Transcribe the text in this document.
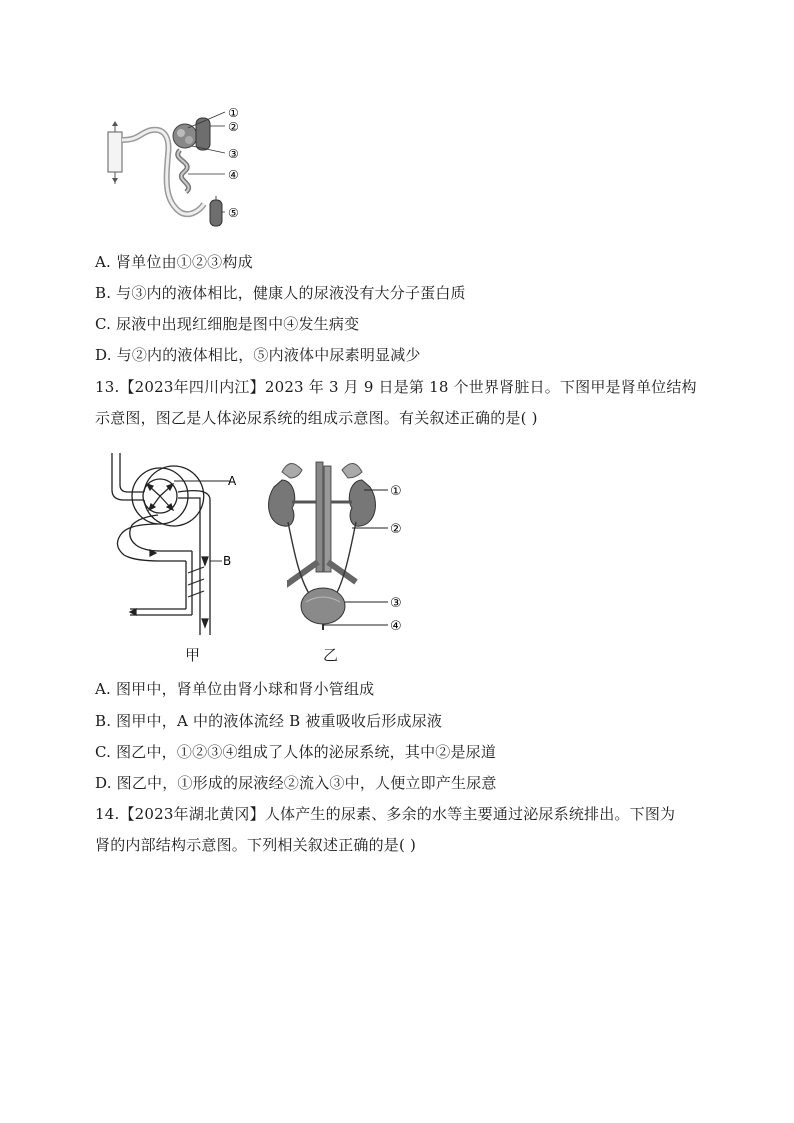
①
②
③
④
⑤
A. 肾单位由①②③构成
B. 与③内的液体相比，健康人的尿液没有大分子蛋白质
C. 尿液中出现红细胞是图中④发生病变
D. 与②内的液体相比，⑤内液体中尿素明显减少
13.【2023年四川内江】2023 年 3 月 9 日是第 18 个世界肾脏日。下图甲是肾单位结构
示意图，图乙是人体泌尿系统的组成示意图。有关叙述正确的是( )
A
B
①
②
③
④
甲	乙
A. 图甲中，肾单位由肾小球和肾小管组成
B. 图甲中，A 中的液体流经 B 被重吸收后形成尿液
C. 图乙中，①②③④组成了人体的泌尿系统，其中②是尿道
D. 图乙中，①形成的尿液经②流入③中，人便立即产生尿意
14.【2023年湖北黄冈】人体产生的尿素、多余的水等主要通过泌尿系统排出。下图为
肾的内部结构示意图。下列相关叙述正确的是( )
